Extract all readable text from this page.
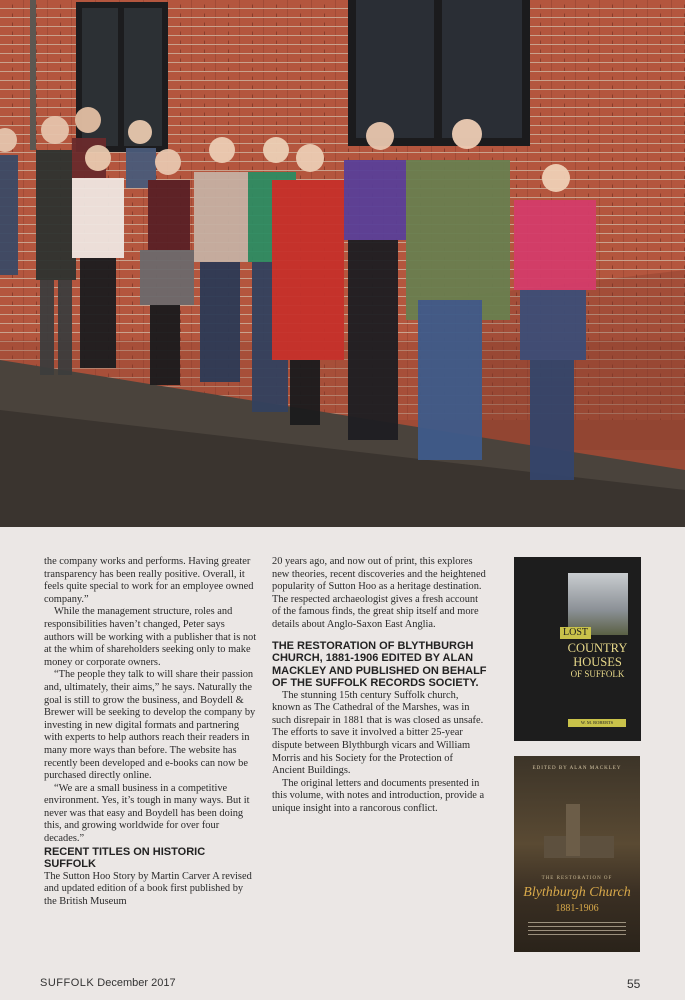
the company works and performs. Having greater transparency has been really positive. Overall, it feels quite special to work for an employee owned company.”

While the management structure, roles and responsibilities haven’t changed, Peter says authors will be working with a publisher that is not at the whim of shareholders seeking only to make money or corporate owners.

“The people they talk to will share their passion and, ultimately, their aims,” he says. Naturally the goal is still to grow the business, and Boydell & Brewer will be seeking to develop the company by investing in new digital formats and partnering with experts to help authors reach their readers in many more ways than before. The website has recently been developed and e-books can now be purchased directly online.

“We are a small business in a competitive environment. Yes, it’s tough in many ways. But it never was that easy and Boydell has been doing this, and growing worldwide for over four decades.”

RECENT TITLES ON HISTORIC SUFFOLK

The Sutton Hoo Story by Martin Carver A revised and updated edition of a book first published by the British Museum

20 years ago, and now out of print, this explores new theories, recent discoveries and the heightened popularity of Sutton Hoo as a heritage destination. The respected archaeologist gives a fresh account of the famous finds, the great ship itself and more details about Anglo-Saxon East Anglia.

THE RESTORATION OF BLYTHBURGH CHURCH, 1881-1906 EDITED BY ALAN MACKLEY AND PUBLISHED ON BEHALF OF THE SUFFOLK RECORDS SOCIETY.

The stunning 15th century Suffolk church, known as The Cathedral of the Marshes, was in such disrepair in 1881 that is was closed as unsafe. The efforts to save it involved a bitter 25-year dispute between Blythburgh vicars and William Morris and his Society for the Protection of Ancient Buildings.

The original letters and documents presented in this volume, with notes and introduction, provide a unique insight into a rancorous conflict.

LOST
COUNTRY HOUSES
OF SUFFOLK
W. M. ROBERTS
EDITED BY ALAN MACKLEY
THE RESTORATION OF
Blythburgh Church
1881-1906
SUFFOLK December 2017	55
